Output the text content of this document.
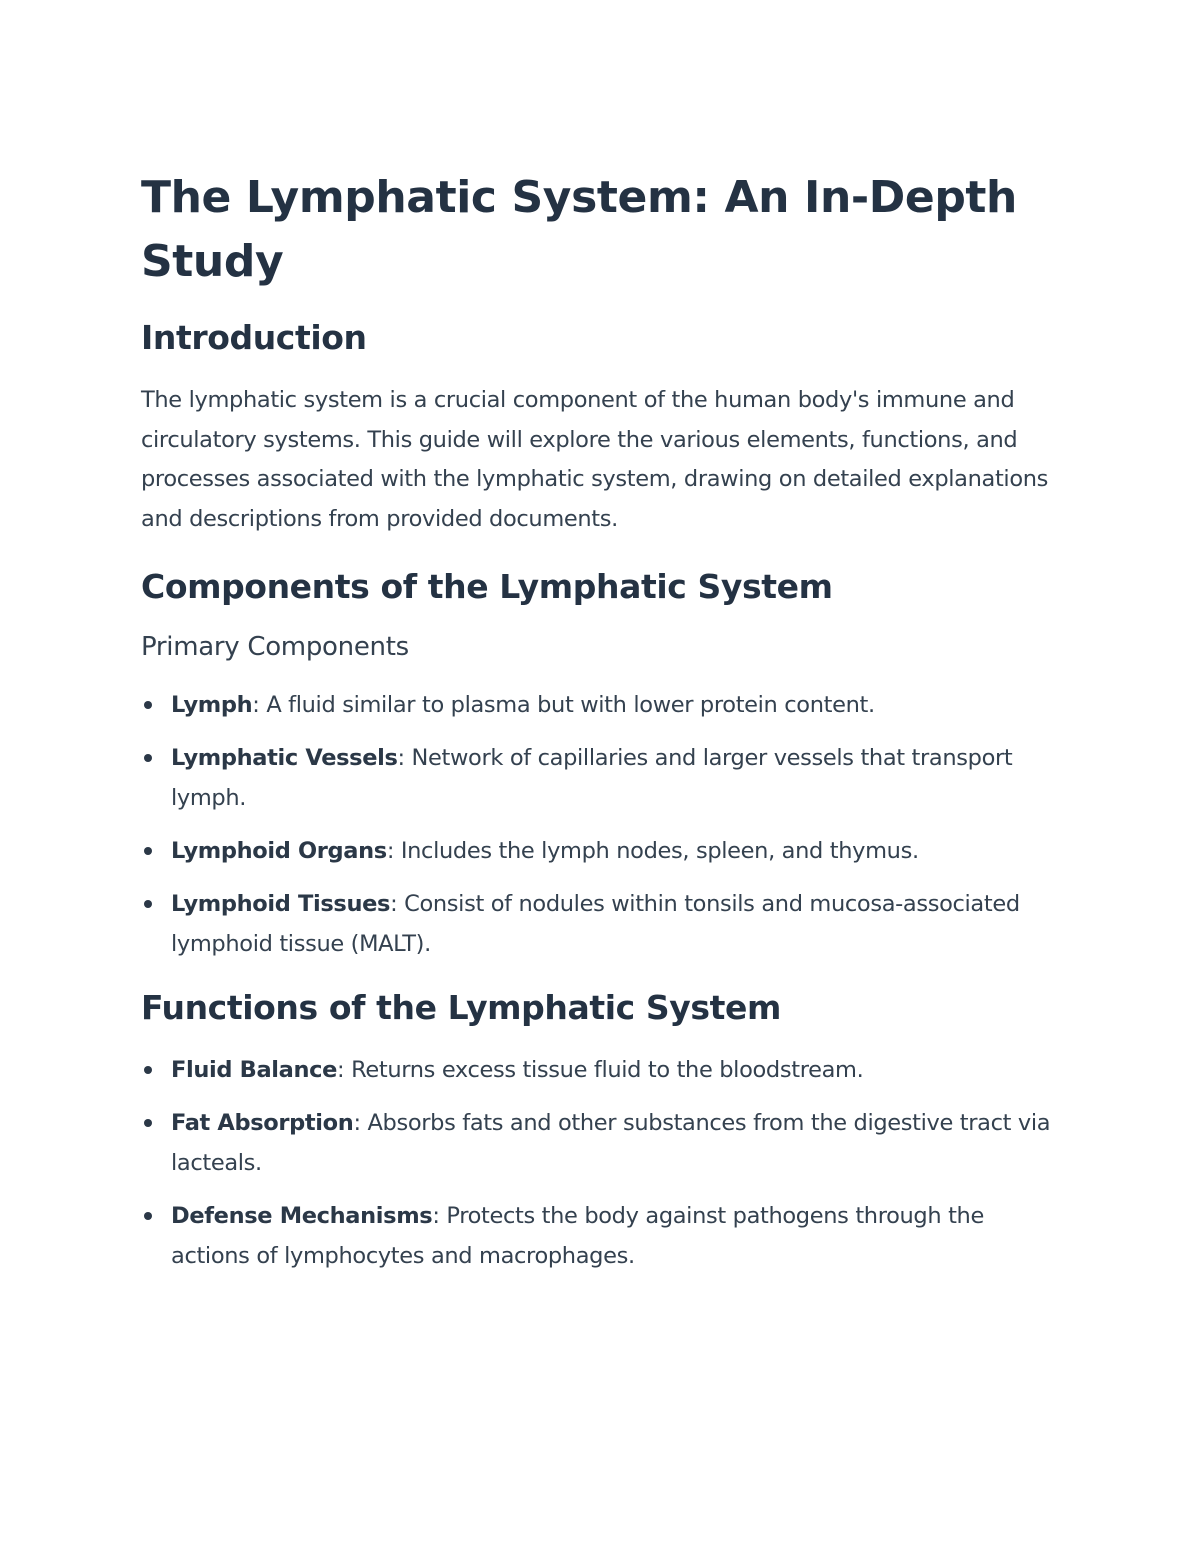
The Lymphatic System: An In-Depth Study
Introduction

The lymphatic system is a crucial component of the human body's immune and circulatory systems. This guide will explore the various elements, functions, and processes associated with the lymphatic system, drawing on detailed explanations and descriptions from provided documents.

Components of the Lymphatic System
Primary Components
Lymph: A fluid similar to plasma but with lower protein content.
Lymphatic Vessels: Network of capillaries and larger vessels that transport lymph.
Lymphoid Organs: Includes the lymph nodes, spleen, and thymus.
Lymphoid Tissues: Consist of nodules within tonsils and mucosa-associated lymphoid tissue (MALT).
Functions of the Lymphatic System
Fluid Balance: Returns excess tissue fluid to the bloodstream.
Fat Absorption: Absorbs fats and other substances from the digestive tract via lacteals.
Defense Mechanisms: Protects the body against pathogens through the actions of lymphocytes and macrophages.
